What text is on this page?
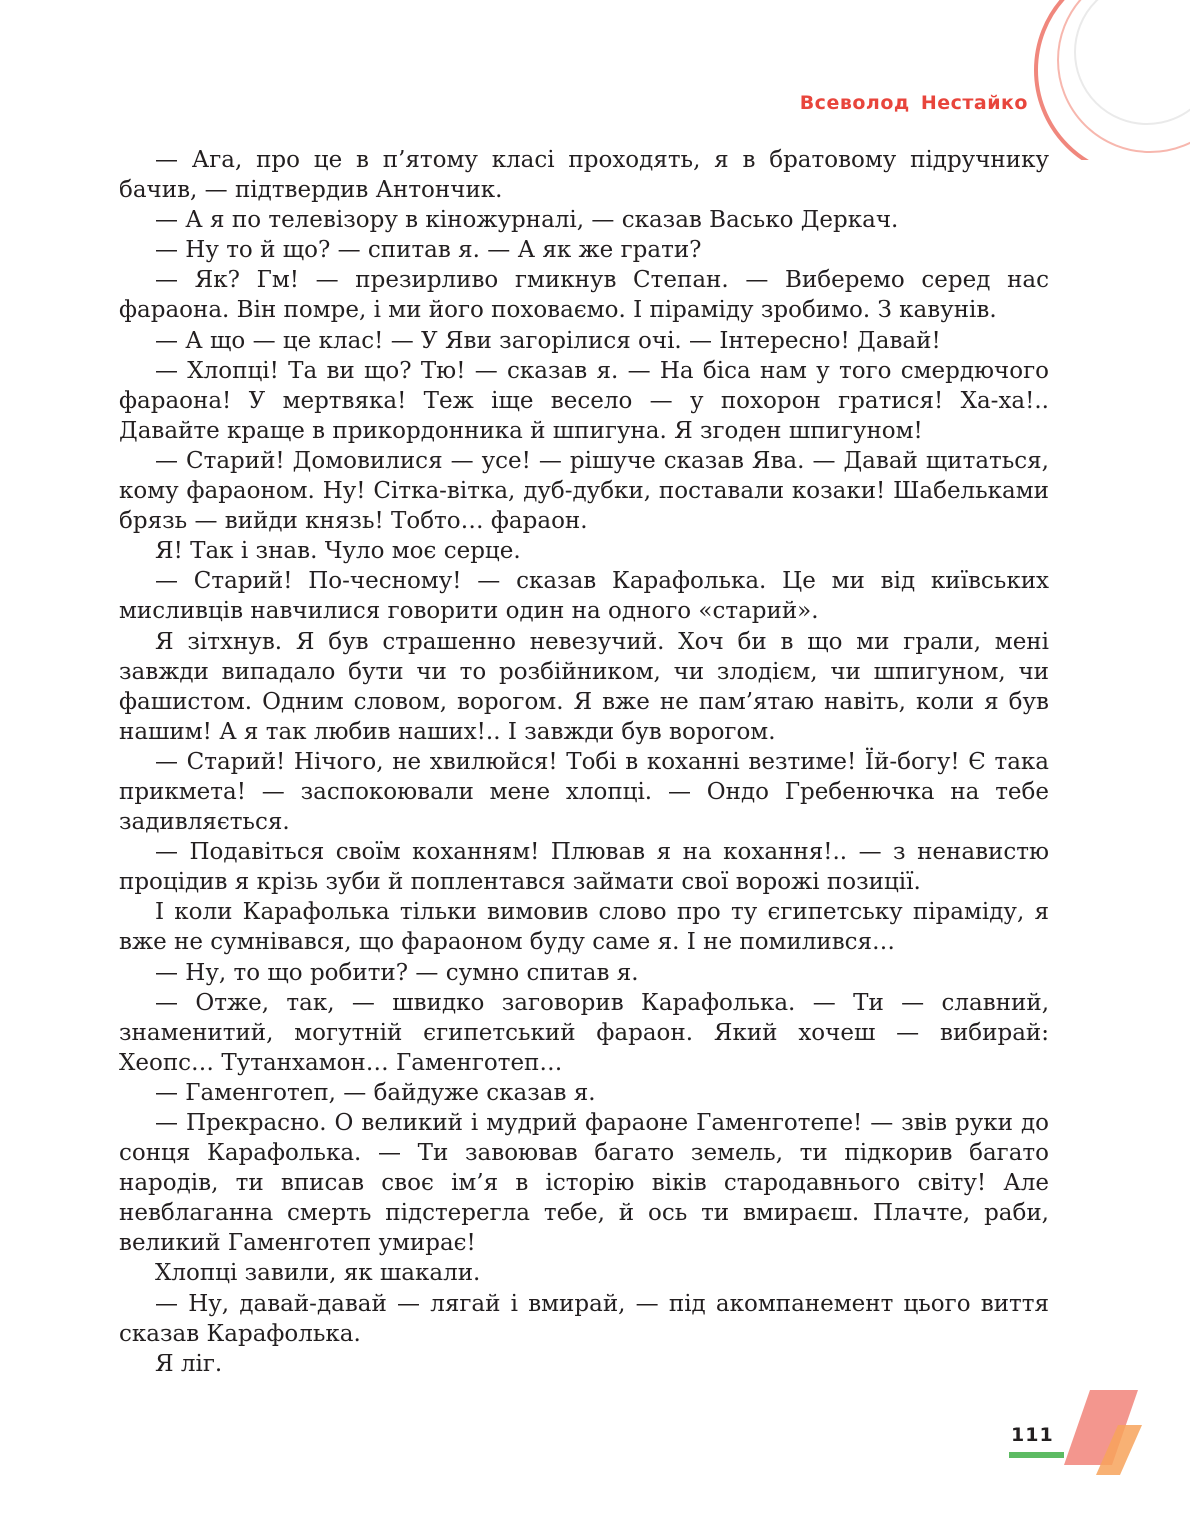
Всеволод Нестайко

— Ага, про це в п’ятому класі проходять, я в братовому підручнику бачив, — підтвердив Антончик.

— А я по телевізору в кіножурналі, — сказав Васько Деркач.

— Ну то й що? — спитав я. — А як же грати?

— Як? Гм! — презирливо гмикнув Степан. — Виберемо серед нас фараона. Він помре, і ми його поховаємо. І піраміду зробимо. З кавунів.

— А що — це клас! — У Яви загорілися очі. — Інтересно! Давай!

— Хлопці! Та ви що? Тю! — сказав я. — На біса нам у того смердючого фараона! У мертвяка! Теж іще весело — у похорон гратися! Ха-ха!.. Давайте краще в прикордонника й шпигуна. Я згоден шпигуном!

— Старий! Домовилися — усе! — рішуче сказав Ява. — Давай щитаться, кому фараоном. Ну! Сітка-вітка, дуб-дубки, поставали козаки! Шабельками брязь — вийди князь! Тобто… фараон.

Я! Так і знав. Чуло моє серце.

— Старий! По-чесному! — сказав Карафолька. Це ми від київських мисливців навчилися говорити один на одного «старий».

Я зітхнув. Я був страшенно невезучий. Хоч би в що ми грали, мені завжди випадало бути чи то розбійником, чи злодієм, чи шпигуном, чи фашистом. Одним словом, ворогом. Я вже не пам’ятаю навіть, коли я був нашим! А я так любив наших!.. І завжди був ворогом.

— Старий! Нічого, не хвилюйся! Тобі в коханні везтиме! Їй-богу! Є така прикмета! — заспокоювали мене хлопці. — Ондо Гребенючка на тебе задивляється.

— Подавіться своїм коханням! Плював я на кохання!.. — з ненавистю процідив я крізь зуби й поплентався займати свої ворожі позиції.

І коли Карафолька тільки вимовив слово про ту єгипетську піраміду, я вже не сумнівався, що фараоном буду саме я. І не помилився…

— Ну, то що робити? — сумно спитав я.

— Отже, так, — швидко заговорив Карафолька. — Ти — славний, знаменитий, могутній єгипетський фараон. Який хочеш — вибирай: Хеопс… Тутанхамон… Гаменготеп…

— Гаменготеп, — байдуже сказав я.

— Прекрасно. О великий і мудрий фараоне Гаменготепе! — звів руки до сонця Карафолька. — Ти завоював багато земель, ти підкорив багато народів, ти вписав своє ім’я в історію віків стародавнього світу! Але невблаганна смерть підстерегла тебе, й ось ти вмираєш. Плачте, раби, великий Гаменготеп умирає!

Хлопці завили, як шакали.

— Ну, давай-давай — лягай і вмирай, — під акомпанемент цього виття сказав Карафолька.

Я ліг.

111
